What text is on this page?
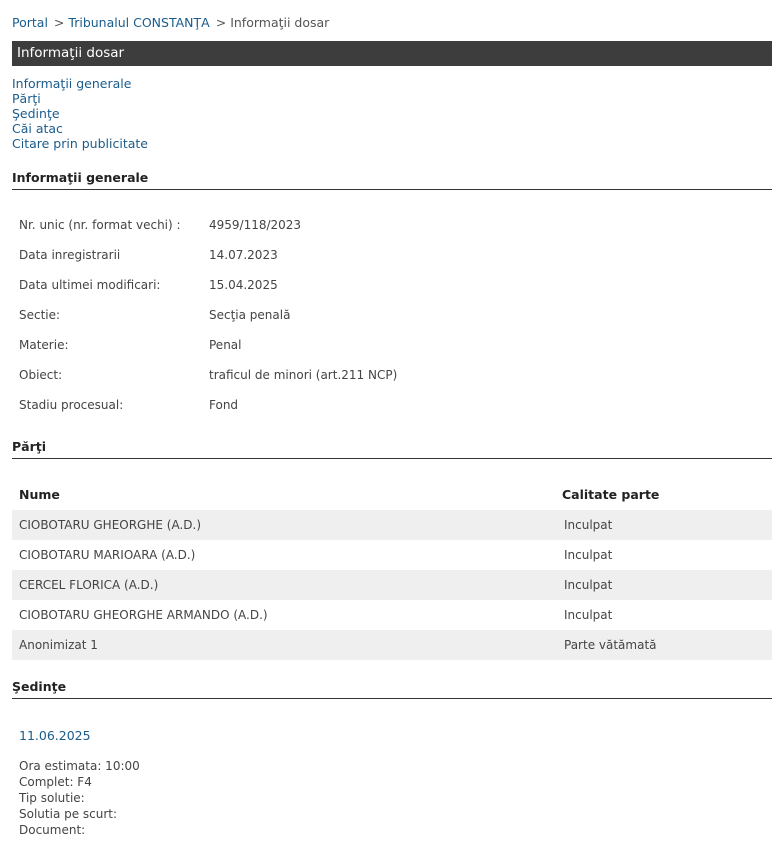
Portal > Tribunalul CONSTANŢA > Informaţii dosar
Informaţii dosar
Informaţii generale
Părţi
Şedinţe
Căi atac
Citare prin publicitate
Informaţii generale
Nr. unic (nr. format vechi) : 4959/118/2023
Data inregistrarii	14.07.2023
Data ultimei modificari:	15.04.2025
Sectie:	Secţia penală
Materie:	Penal
Obiect:	traficul de minori (art.211 NCP)
Stadiu procesual:	Fond
Părţi
Nume	Calitate parte
CIOBOTARU GHEORGHE (A.D.)	Inculpat
CIOBOTARU MARIOARA (A.D.)	Inculpat
CERCEL FLORICA (A.D.)	Inculpat
CIOBOTARU GHEORGHE ARMANDO (A.D.)	Inculpat
Anonimizat 1	Parte vătămată
Şedinţe
11.06.2025
Ora estimata: 10:00
Complet: F4
Tip solutie:
Solutia pe scurt:
Document:
